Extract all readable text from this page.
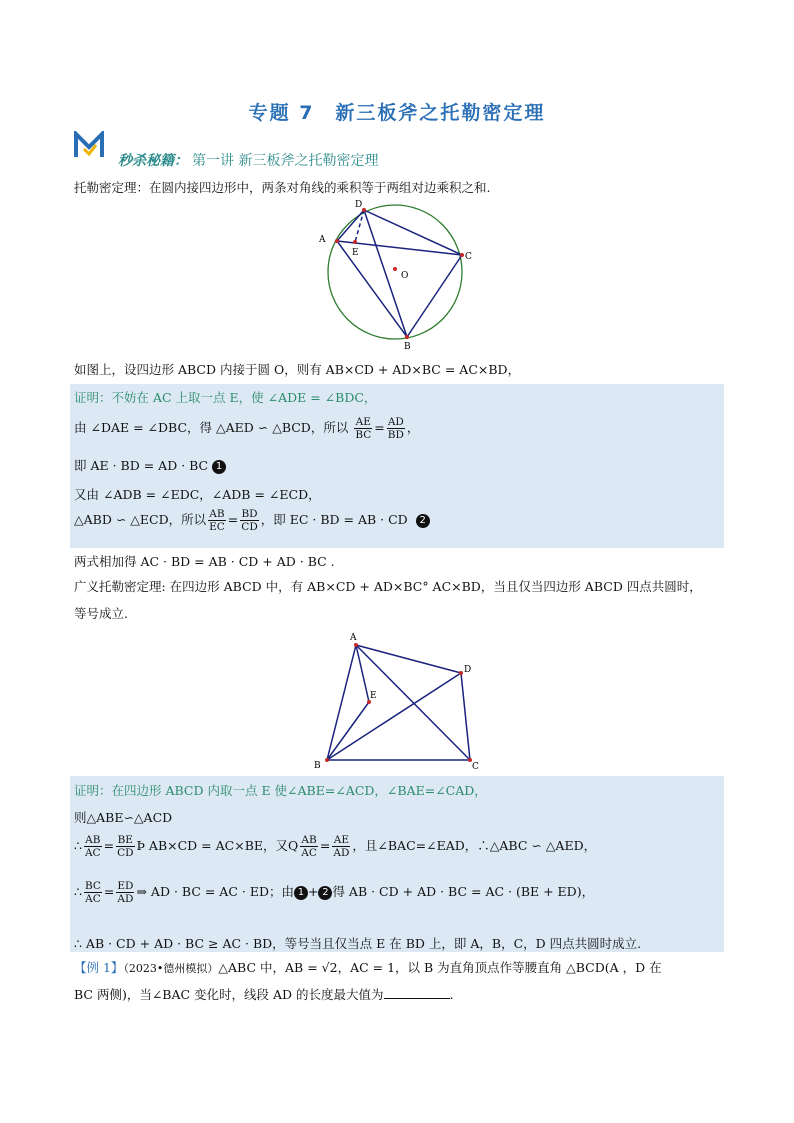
专题 7　新三板斧之托勒密定理
秒杀秘籍： 第一讲 新三板斧之托勒密定理
托勒密定理：在圆内接四边形中，两条对角线的乘积等于两组对边乘积之和.
D
A
E
O
C
B
如图上，设四边形 ABCD 内接于圆 O，则有 AB×CD + AD×BC = AC×BD，
证明：不妨在 AC 上取一点 E，使 ∠ADE = ∠BDC，
由 ∠DAE = ∠DBC，得 △AED ∽ △BCD，所以 $\frac{AE}{BC} = \frac{AD}{BD}$ ，
即 AE · BD = AD · BC 1
又由 ∠ADB = ∠EDC，∠ADB = ∠ECD，
△ABD ∽ △ECD，所以 $\frac{AB}{EC} = \frac{BD}{CD}$ ，即 EC · BD = AB · CD 2
两式相加得 AC · BD = AB · CD + AD · BC .
广义托勒密定理: 在四边形 ABCD 中，有 AB×CD + AD×BC° AC×BD，当且仅当四边形 ABCD 四点共圆时，
等号成立.
A
D
E
B	C
证明：在四边形 ABCD 内取一点 E 使∠ABE=∠ACD，∠BAE=∠CAD，
则△ABE∽△ACD
∴ $\frac{AB}{AC} = \frac{BE}{CD}$ Þ AB×CD = AC×BE，又Q $\frac{AB}{AC} = \frac{AE}{AD}$ ，且∠BAC=∠EAD，∴△ABC ∽ △AED，
∴ $\frac{BC}{AC} = \frac{ED}{AD}$ ⇒ AD · BC = AC · ED；由 1 + 2 得 AB · CD + AD · BC = AC · (BE + ED)，
∴ AB · CD + AD · BC ≥ AC · BD，等号当且仅当点 E 在 BD 上，即 A，B，C，D 四点共圆时成立.
【例 1】（2023•德州模拟）△ABC 中，AB = √2，AC = 1，以 B 为直角顶点作等腰直角 △BCD(A ，D 在
BC 两侧)，当∠BAC 变化时，线段 AD 的长度最大值为	.
